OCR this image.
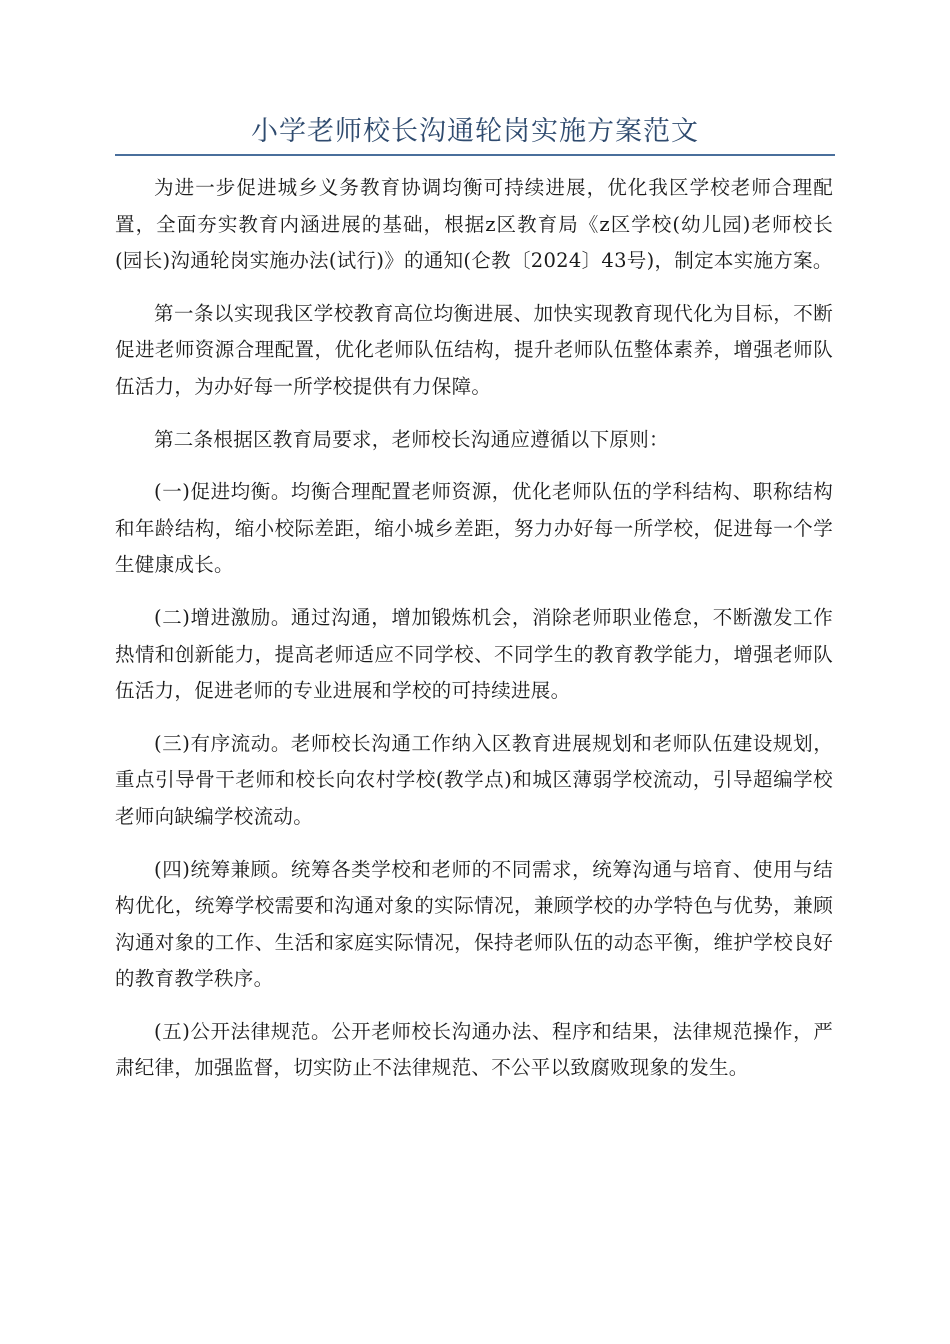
小学老师校长沟通轮岗实施方案范文

为进一步促进城乡义务教育协调均衡可持续进展，优化我区学校老师合理配置，全面夯实教育内涵进展的基础，根据z区教育局《z区学校(幼儿园)老师校长(园长)沟通轮岗实施办法(试行)》的通知(仑教〔2024〕43号)，制定本实施方案。

第一条以实现我区学校教育高位均衡进展、加快实现教育现代化为目标，不断促进老师资源合理配置，优化老师队伍结构，提升老师队伍整体素养，增强老师队伍活力，为办好每一所学校提供有力保障。

第二条根据区教育局要求，老师校长沟通应遵循以下原则：

(一)促进均衡。均衡合理配置老师资源，优化老师队伍的学科结构、职称结构和年龄结构，缩小校际差距，缩小城乡差距，努力办好每一所学校，促进每一个学生健康成长。

(二)增进激励。通过沟通，增加锻炼机会，消除老师职业倦怠，不断激发工作热情和创新能力，提高老师适应不同学校、不同学生的教育教学能力，增强老师队伍活力，促进老师的专业进展和学校的可持续进展。

(三)有序流动。老师校长沟通工作纳入区教育进展规划和老师队伍建设规划，重点引导骨干老师和校长向农村学校(教学点)和城区薄弱学校流动，引导超编学校老师向缺编学校流动。

(四)统筹兼顾。统筹各类学校和老师的不同需求，统筹沟通与培育、使用与结构优化，统筹学校需要和沟通对象的实际情况，兼顾学校的办学特色与优势，兼顾沟通对象的工作、生活和家庭实际情况，保持老师队伍的动态平衡，维护学校良好的教育教学秩序。

(五)公开法律规范。公开老师校长沟通办法、程序和结果，法律规范操作，严肃纪律，加强监督，切实防止不法律规范、不公平以致腐败现象的发生。
